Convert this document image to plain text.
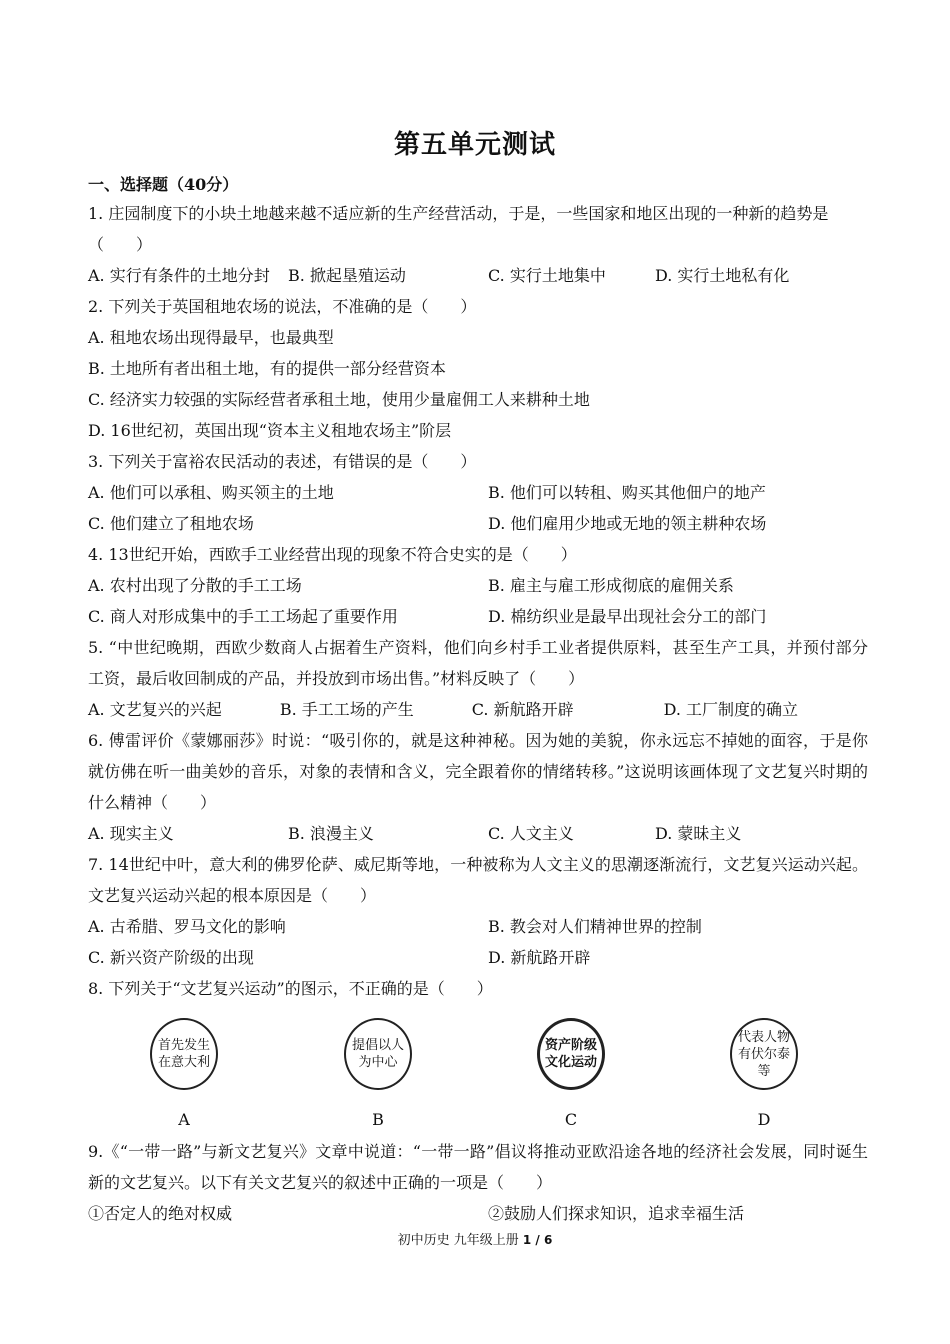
第五单元测试
一、选择题（40分）
1. 庄园制度下的小块土地越来越不适应新的生产经营活动，于是，一些国家和地区出现的一种新的趋势是
（　　）
A. 实行有条件的土地分封	B. 掀起垦殖运动	C. 实行土地集中	D. 实行土地私有化
2. 下列关于英国租地农场的说法，不准确的是（　　）
A. 租地农场出现得最早，也最典型
B. 土地所有者出租土地，有的提供一部分经营资本
C. 经济实力较强的实际经营者承租土地，使用少量雇佣工人来耕种土地
D. 16世纪初，英国出现“资本主义租地农场主”阶层
3. 下列关于富裕农民活动的表述，有错误的是（　　）
A. 他们可以承租、购买领主的土地	B. 他们可以转租、购买其他佃户的地产
C. 他们建立了租地农场	D. 他们雇用少地或无地的领主耕种农场
4. 13世纪开始，西欧手工业经营出现的现象不符合史实的是（　　）
A. 农村出现了分散的手工工场	B. 雇主与雇工形成彻底的雇佣关系
C. 商人对形成集中的手工工场起了重要作用	D. 棉纺织业是最早出现社会分工的部门
5. “中世纪晚期，西欧少数商人占据着生产资料，他们向乡村手工业者提供原料，甚至生产工具，并预付部分工资，最后收回制成的产品，并投放到市场出售。”材料反映了（　　）
A. 文艺复兴的兴起	B. 手工工场的产生	C. 新航路开辟	D. 工厂制度的确立
6. 傅雷评价《蒙娜丽莎》时说：“吸引你的，就是这种神秘。因为她的美貌，你永远忘不掉她的面容，于是你就仿佛在听一曲美妙的音乐，对象的表情和含义，完全跟着你的情绪转移。”这说明该画体现了文艺复兴时期的什么精神（　　）
A. 现实主义	B. 浪漫主义	C. 人文主义	D. 蒙昧主义
7. 14世纪中叶，意大利的佛罗伦萨、威尼斯等地，一种被称为人文主义的思潮逐渐流行，文艺复兴运动兴起。文艺复兴运动兴起的根本原因是（　　）
A. 古希腊、罗马文化的影响	B. 教会对人们精神世界的控制
C. 新兴资产阶级的出现	D. 新航路开辟
8. 下列关于“文艺复兴运动”的图示，不正确的是（　　）
首先发生在意大利
A
提倡以人为中心
B
资产阶级文化运动
C
代表人物有伏尔泰等
D
9.《“一带一路”与新文艺复兴》文章中说道：“一带一路”倡议将推动亚欧沿途各地的经济社会发展，同时诞生新的文艺复兴。以下有关文艺复兴的叙述中正确的一项是（　　）
①否定人的绝对权威	②鼓励人们探求知识，追求幸福生活
初中历史 九年级上册 1 / 6
